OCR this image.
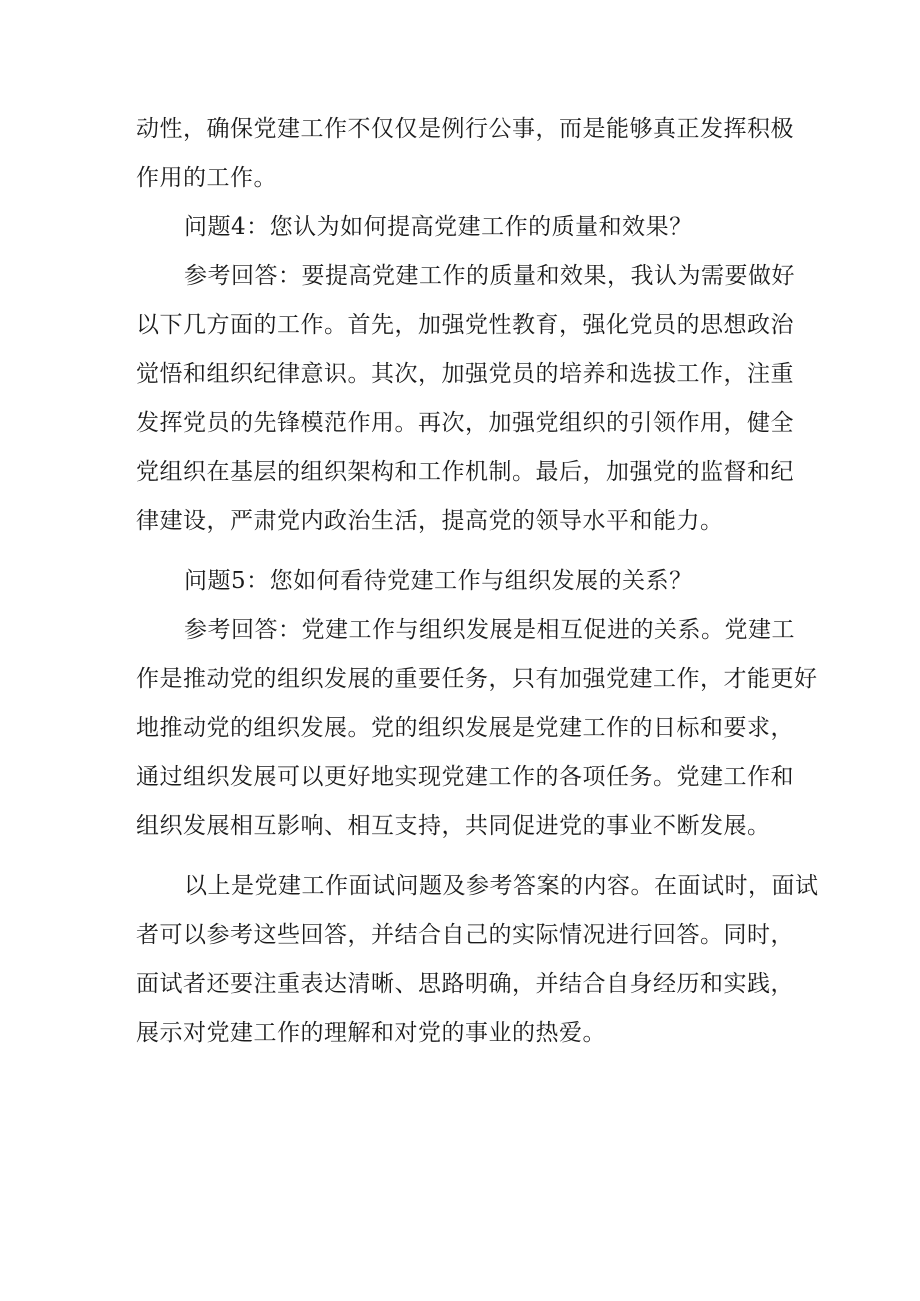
动性，确保党建工作不仅仅是例行公事，而是能够真正发挥积极
作用的工作。
问题4：您认为如何提高党建工作的质量和效果？
参考回答：要提高党建工作的质量和效果，我认为需要做好
以下几方面的工作。首先，加强党性教育，强化党员的思想政治
觉悟和组织纪律意识。其次，加强党员的培养和选拔工作，注重
发挥党员的先锋模范作用。再次，加强党组织的引领作用，健全
党组织在基层的组织架构和工作机制。最后，加强党的监督和纪
律建设，严肃党内政治生活，提高党的领导水平和能力。
问题5：您如何看待党建工作与组织发展的关系？
参考回答：党建工作与组织发展是相互促进的关系。党建工
作是推动党的组织发展的重要任务，只有加强党建工作，才能更好
地推动党的组织发展。党的组织发展是党建工作的日标和要求，
通过组织发展可以更好地实现党建工作的各项任务。党建工作和
组织发展相互影响、相互支持，共同促进党的事业不断发展。
以上是党建工作面试问题及参考答案的内容。在面试时，面试
者可以参考这些回答，并结合自己的实际情况进行回答。同时，
面试者还要注重表达清晰、思路明确，并结合自身经历和实践，
展示对党建工作的理解和对党的事业的热爱。
